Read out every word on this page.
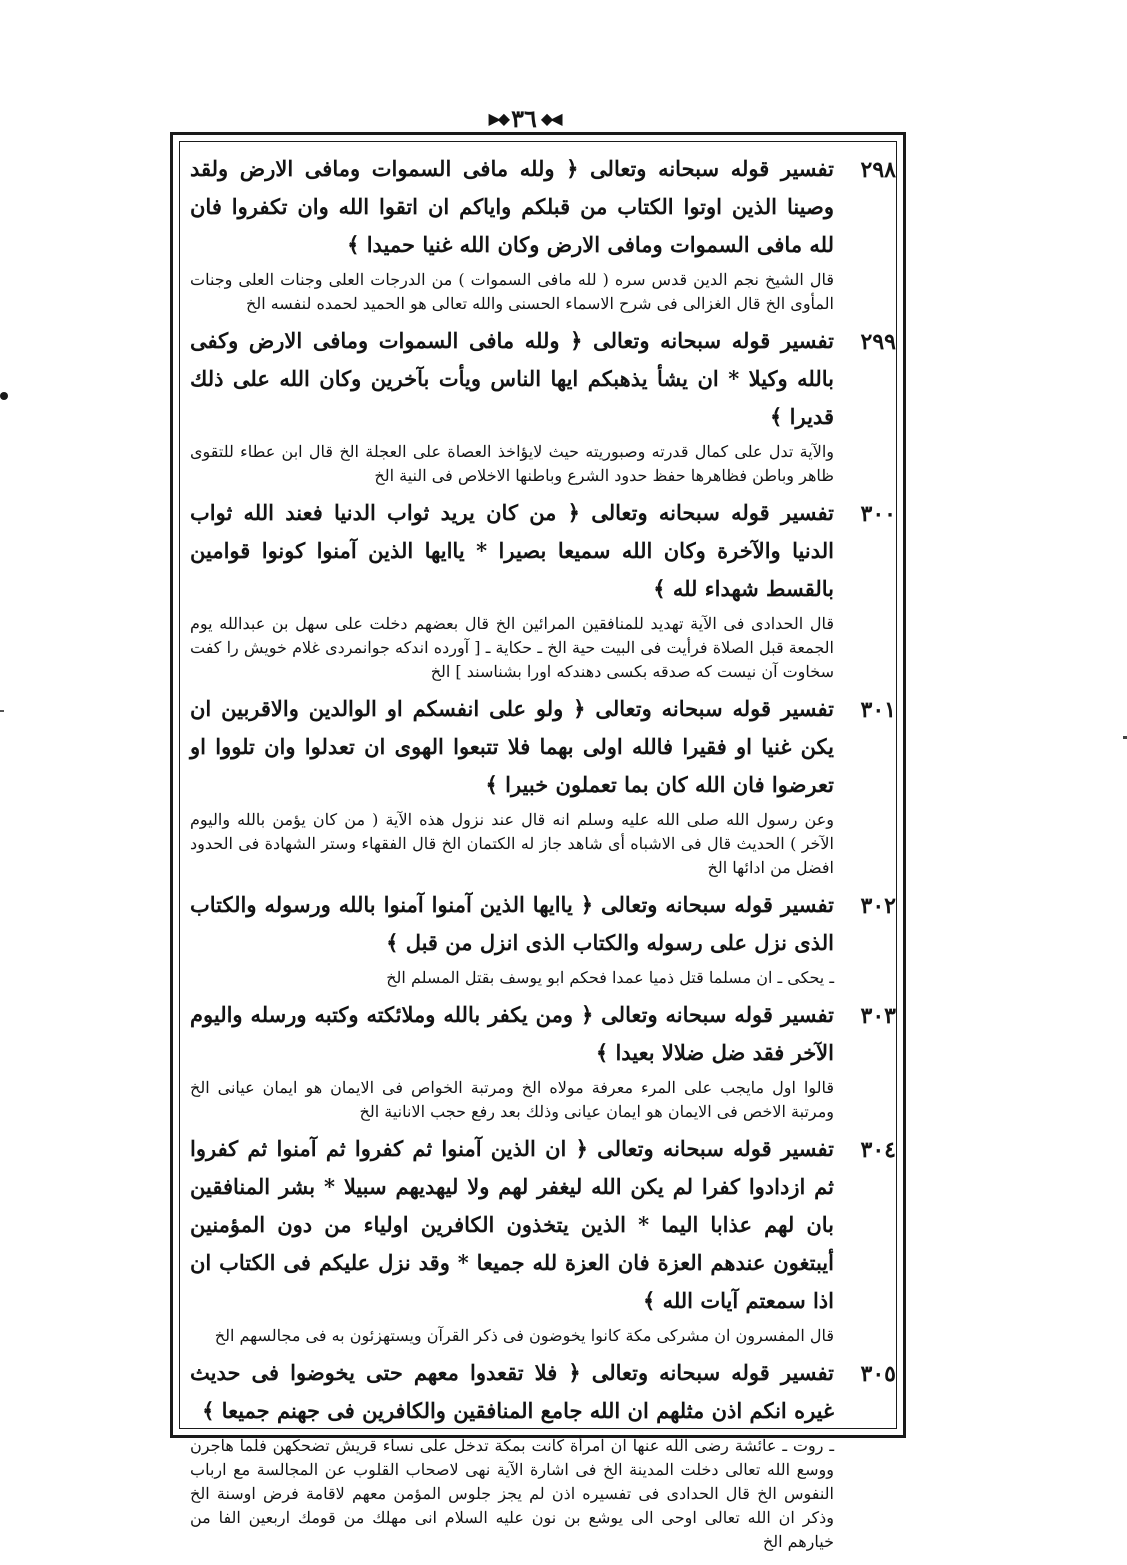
◀◆
٣٦
◆▶
٢٩٨

تفسير قوله سبحانه وتعالى ﴿ ولله مافى السموات ومافى الارض ولقد وصينا الذين اوتوا الكتاب من قبلكم واياكم ان اتقوا الله وان تكفروا فان لله مافى السموات ومافى الارض وكان الله غنيا حميدا ﴾

قال الشيخ نجم الدين قدس سره ( لله مافى السموات ) من الدرجات العلى وجنات العلى وجنات المأوى الخ قال الغزالى فى شرح الاسماء الحسنى والله تعالى هو الحميد لحمده لنفسه الخ

٢٩٩

تفسير قوله سبحانه وتعالى ﴿ ولله مافى السموات ومافى الارض وكفى بالله وكيلا * ان يشأ يذهبكم ايها الناس ويأت بآخرين وكان الله على ذلك قديرا ﴾

والآية تدل على كمال قدرته وصبوريته حيث لايؤاخذ العصاة على العجلة الخ قال ابن عطاء للتقوى ظاهر وباطن فظاهرها حفظ حدود الشرع وباطنها الاخلاص فى النية الخ

٣٠٠

تفسير قوله سبحانه وتعالى ﴿ من كان يريد ثواب الدنيا فعند الله ثواب الدنيا والآخرة وكان الله سميعا بصيرا * ياايها الذين آمنوا كونوا قوامين بالقسط شهداء لله ﴾

قال الحدادى فى الآية تهديد للمنافقين المرائين الخ قال بعضهم دخلت على سهل بن عبدالله يوم الجمعة قبل الصلاة فرأيت فى البيت حية الخ ـ حكاية ـ [ آورده اندكه جوانمردى غلام خويش را كفت سخاوت آن نيست كه صدقه بكسى دهندكه اورا بشناسند ] الخ

٣٠١

تفسير قوله سبحانه وتعالى ﴿ ولو على انفسكم او الوالدين والاقربين ان يكن غنيا او فقيرا فالله اولى بهما فلا تتبعوا الهوى ان تعدلوا وان تلووا او تعرضوا فان الله كان بما تعملون خبيرا ﴾

وعن رسول الله صلى الله عليه وسلم انه قال عند نزول هذه الآية ( من كان يؤمن بالله واليوم الآخر ) الحديث قال فى الاشباه أى شاهد جاز له الكتمان الخ قال الفقهاء وستر الشهادة فى الحدود افضل من ادائها الخ

٣٠٢

تفسير قوله سبحانه وتعالى ﴿ ياايها الذين آمنوا آمنوا بالله ورسوله والكتاب الذى نزل على رسوله والكتاب الذى انزل من قبل ﴾

ـ يحكى ـ ان مسلما قتل ذميا عمدا فحكم ابو يوسف بقتل المسلم الخ

٣٠٣

تفسير قوله سبحانه وتعالى ﴿ ومن يكفر بالله وملائكته وكتبه ورسله واليوم الآخر فقد ضل ضلالا بعيدا ﴾

قالوا اول مايجب على المرء معرفة مولاه الخ ومرتبة الخواص فى الايمان هو ايمان عيانى الخ ومرتبة الاخص فى الايمان هو ايمان عيانى وذلك بعد رفع حجب الانانية الخ

٣٠٤

تفسير قوله سبحانه وتعالى ﴿ ان الذين آمنوا ثم كفروا ثم آمنوا ثم كفروا ثم ازدادوا كفرا لم يكن الله ليغفر لهم ولا ليهديهم سبيلا * بشر المنافقين بان لهم عذابا اليما * الذين يتخذون الكافرين اولياء من دون المؤمنين أيبتغون عندهم العزة فان العزة لله جميعا * وقد نزل عليكم فى الكتاب ان اذا سمعتم آيات الله ﴾

قال المفسرون ان مشركى مكة كانوا يخوضون فى ذكر القرآن ويستهزئون به فى مجالسهم الخ

٣٠٥

تفسير قوله سبحانه وتعالى ﴿ فلا تقعدوا معهم حتى يخوضوا فى حديث غيره انكم اذن مثلهم ان الله جامع المنافقين والكافرين فى جهنم جميعا ﴾

ـ روت ـ عائشة رضى الله عنها ان امرأة كانت بمكة تدخل على نساء قريش تضحكهن فلما هاجرن ووسع الله تعالى دخلت المدينة الخ فى اشارة الآية نهى لاصحاب القلوب عن المجالسة مع ارباب النفوس الخ قال الحدادى فى تفسيره اذن لم يجز جلوس المؤمن معهم لاقامة فرض اوسنة الخ وذكر ان الله تعالى اوحى الى يوشع بن نون عليه السلام انى مهلك من قومك اربعين الفا من خيارهم الخ
